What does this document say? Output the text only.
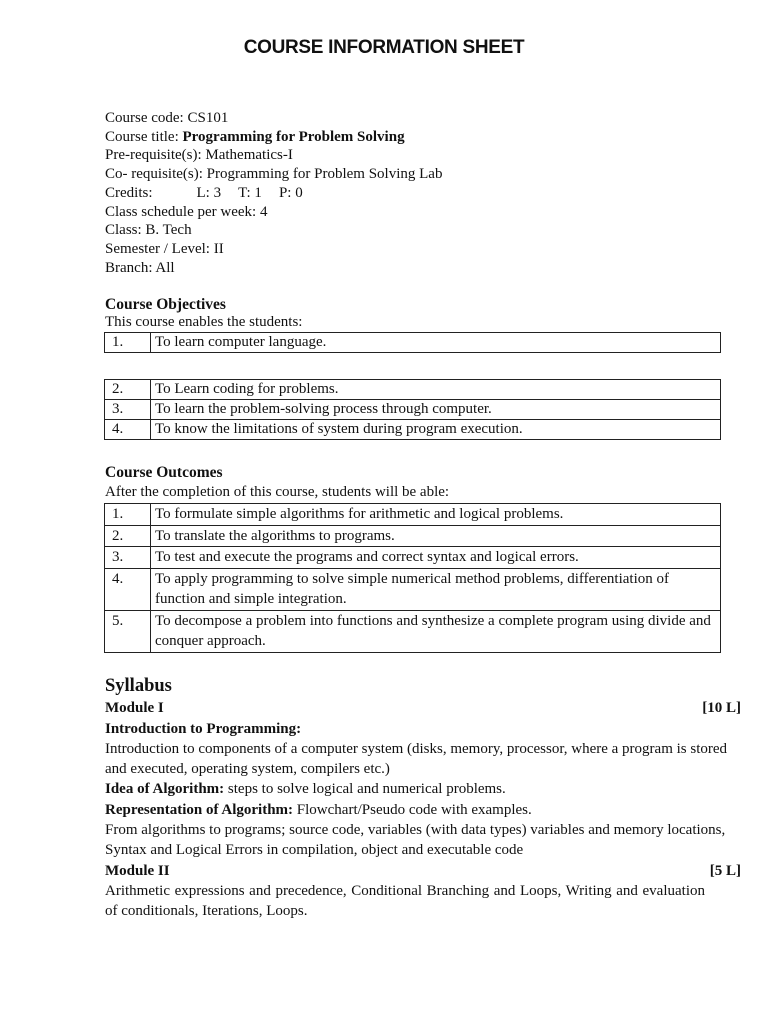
COURSE INFORMATION SHEET
Course code: CS101
Course title: Programming for Problem Solving
Pre-requisite(s): Mathematics-I
Co- requisite(s): Programming for Problem Solving Lab
Credits:	L: 3 T: 1 P: 0
Class schedule per week: 4
Class: B. Tech
Semester / Level: II
Branch: All
Course Objectives
This course enables the students:
1.	To learn computer language.
2.	To Learn coding for problems.
3.	To learn the problem-solving process through computer.
4.	To know the limitations of system during program execution.
Course Outcomes
After the completion of this course, students will be able:
1.	To formulate simple algorithms for arithmetic and logical problems.
2.	To translate the algorithms to programs.
3.	To test and execute the programs and correct syntax and logical errors.
4.	To apply programming to solve simple numerical method problems, differentiation of function and simple integration.
5.	To decompose a problem into functions and synthesize a complete program using divide and conquer approach.
Syllabus
Module I	[10 L]
Introduction to Programming:
Introduction to components of a computer system (disks, memory, processor, where a program is stored and executed, operating system, compilers etc.)
Idea of Algorithm: steps to solve logical and numerical problems.
Representation of Algorithm: Flowchart/Pseudo code with examples.
From algorithms to programs; source code, variables (with data types) variables and memory locations, Syntax and Logical Errors in compilation, object and executable code
Module II	[5 L]
Arithmetic expressions and precedence, Conditional Branching and Loops, Writing and evaluation of conditionals, Iterations, Loops.
